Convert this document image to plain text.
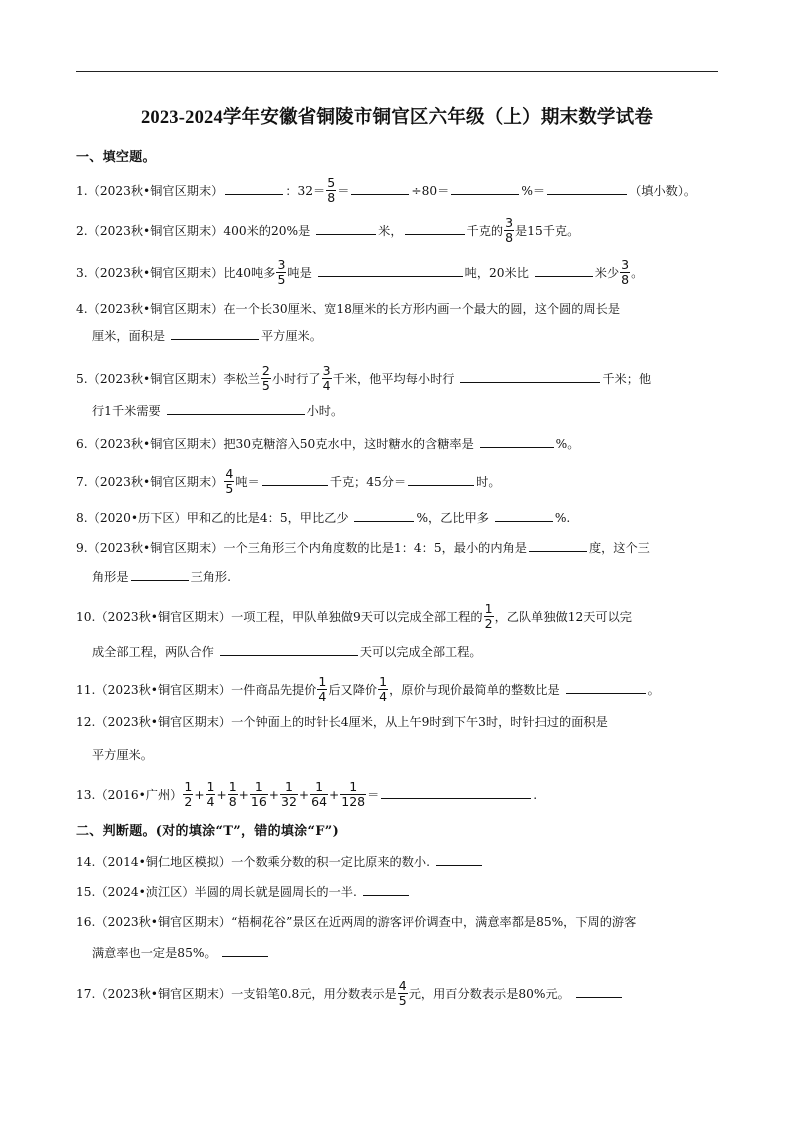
2023-2024学年安徽省铜陵市铜官区六年级（上）期末数学试卷
一、填空题。
1.（2023秋•铜官区期末）	：$32= \frac{5}{8}$ ＝	÷80＝	%＝	（填小数）。
2.（2023秋•铜官区期末）400米的20%是	米，	千克的 $\frac{3}{8}$ 是15千克。
3.（2023秋•铜官区期末）比40吨多 $\frac{3}{5}$ 吨是	吨，20米比	米少 $\frac{3}{8}$ 。
4.（2023秋•铜官区期末）在一个长30厘米、宽18厘米的长方形内画一个最大的圆，这个圆的周长是
厘米，面积是	平方厘米。
5.（2023秋•铜官区期末）李松兰 $\frac{2}{5}$ 小时行了 $\frac{3}{4}$ 千米，他平均每小时行	千米；他
行1千米需要	小时。
6.（2023秋•铜官区期末）把30克糖溶入50克水中，这时糖水的含糖率是	%。
7.（2023秋•铜官区期末） $\frac{4}{5}$ 吨＝	千克；45分＝	时。
8.（2020•历下区）甲和乙的比是4：5，甲比乙少	%，乙比甲多	%.
9.（2023秋•铜官区期末）一个三角形三个内角度数的比是1：4：5，最小的内角是	度，这个三
角形是	三角形.
10.（2023秋•铜官区期末）一项工程，甲队单独做9天可以完成全部工程的 $\frac{1}{2}$ ，乙队单独做12天可以完
成全部工程，两队合作	天可以完成全部工程。
11.（2023秋•铜官区期末）一件商品先提价 $\frac{1}{4}$ 后又降价 $\frac{1}{4}$ ，原价与现价最简单的整数比是	。
12.（2023秋•铜官区期末）一个钟面上的时针长4厘米，从上午9时到下午3时，时针扫过的面积是
平方厘米。
13.（2016•广州） $\frac{1}{2} + \frac{1}{4} + \frac{1}{8} + \frac{1}{16} + \frac{1}{32} + \frac{1}{64} + \frac{1}{128}$ ＝	.
二、判断题。(对的填涂“T”，错的填涂“F”)
14.（2014•铜仁地区模拟）一个数乘分数的积一定比原来的数小.
15.（2024•浈江区）半圆的周长就是圆周长的一半.
16.（2023秋•铜官区期末）“梧桐花谷”景区在近两周的游客评价调查中，满意率都是85%，下周的游客
满意率也一定是85%。
17.（2023秋•铜官区期末）一支铅笔0.8元，用分数表示是 $\frac{4}{5}$ 元，用百分数表示是80%元。
